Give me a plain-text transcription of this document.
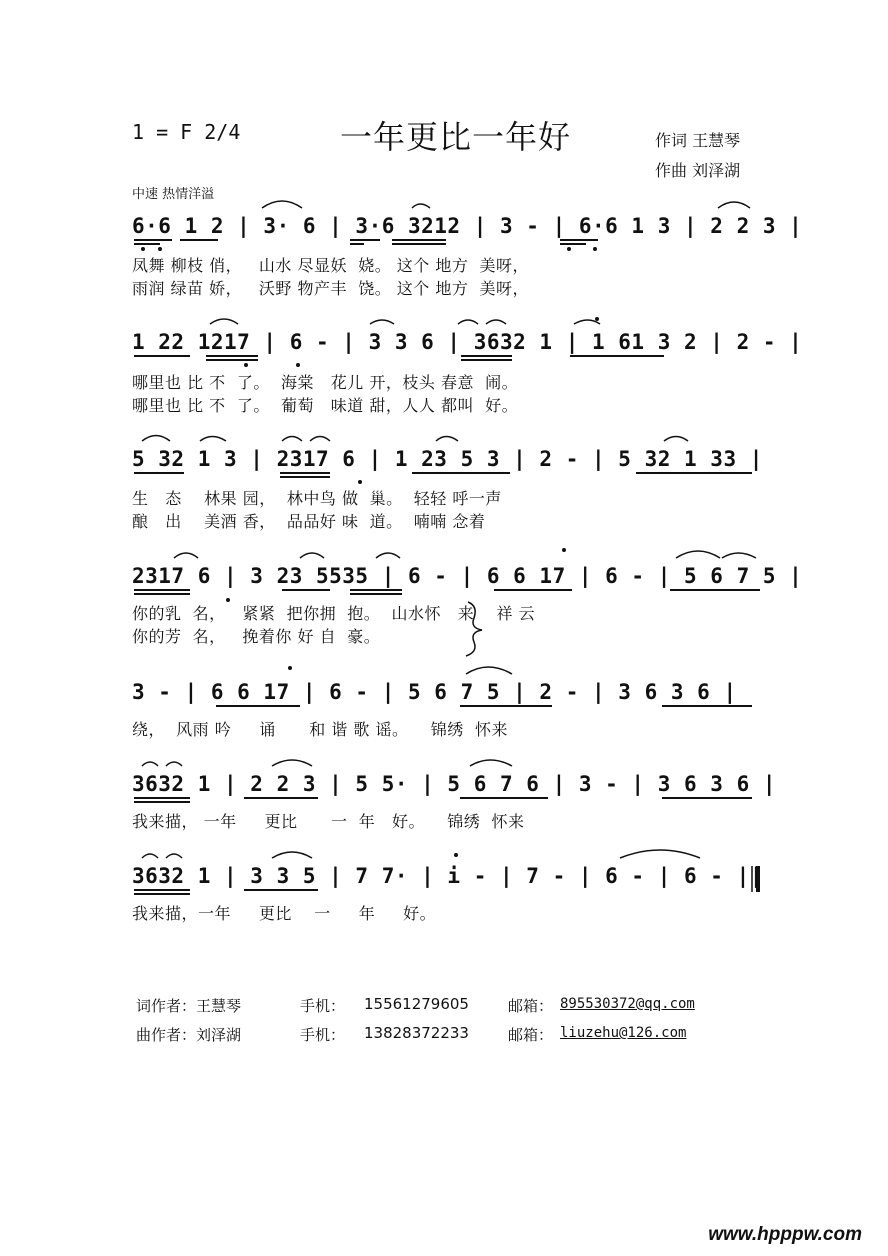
1 = F 2/4	一年更比一年好	作词 王慧琴
作曲 刘泽湖
中速 热情洋溢
6·6 1 2 | 3· 6 | 3·6 3212 | 3 - | 6·6 1 3 | 2 2 3 |
凤舞 柳枝 俏，   山水 尽显妖  娆。 这个 地方  美呀，
雨润 绿苗 娇，   沃野 物产丰  饶。 这个 地方  美呀，
1 22 1217 | 6 - | 3 3 6 | 3632 1 | 1 61 3 2 | 2 - |
哪里也 比 不  了。  海棠   花儿 开，枝头 春意  闹。
哪里也 比 不  了。  葡萄   味道 甜，人人 都叫  好。
5 32 1 3 | 2317 6 | 1 23 5 3 | 2 - | 5 32 1 33 |
生   态    林果 园，  林中鸟 做  巢。  轻轻 呼一声
酿   出    美酒 香，  品品好 味  道。  喃喃 念着
2317 6 | 3 23 5535 | 6 - | 6 6 17 | 6 - | 5 6 7 5 |
你的乳  名，   紧紧  把你拥  抱。  山水怀   来    祥 云
你的芳  名，   挽着你 好 自  豪。
3 - | 6 6 17 | 6 - | 5 6 7 5 | 2 - | 3 6 3 6 |
绕，  风雨 吟     诵      和 谐 歌 谣。    锦绣  怀来
3632 1 | 2 2 3 | 5 5· | 5 6 7 6 | 3 - | 3 6 3 6 |
我来描， 一年     更比      一  年   好。    锦绣  怀来
3632 1 | 3 3 5 | 7 7· | i - | 7 - | 6 - | 6 - ||
我来描，一年     更比    一     年     好。
词作者：王慧琴	手机： 15561279605	邮箱： 895530372@qq.com
曲作者：刘泽湖	手机： 13828372233	邮箱： liuzehu@126.com
www.hpppw.com
